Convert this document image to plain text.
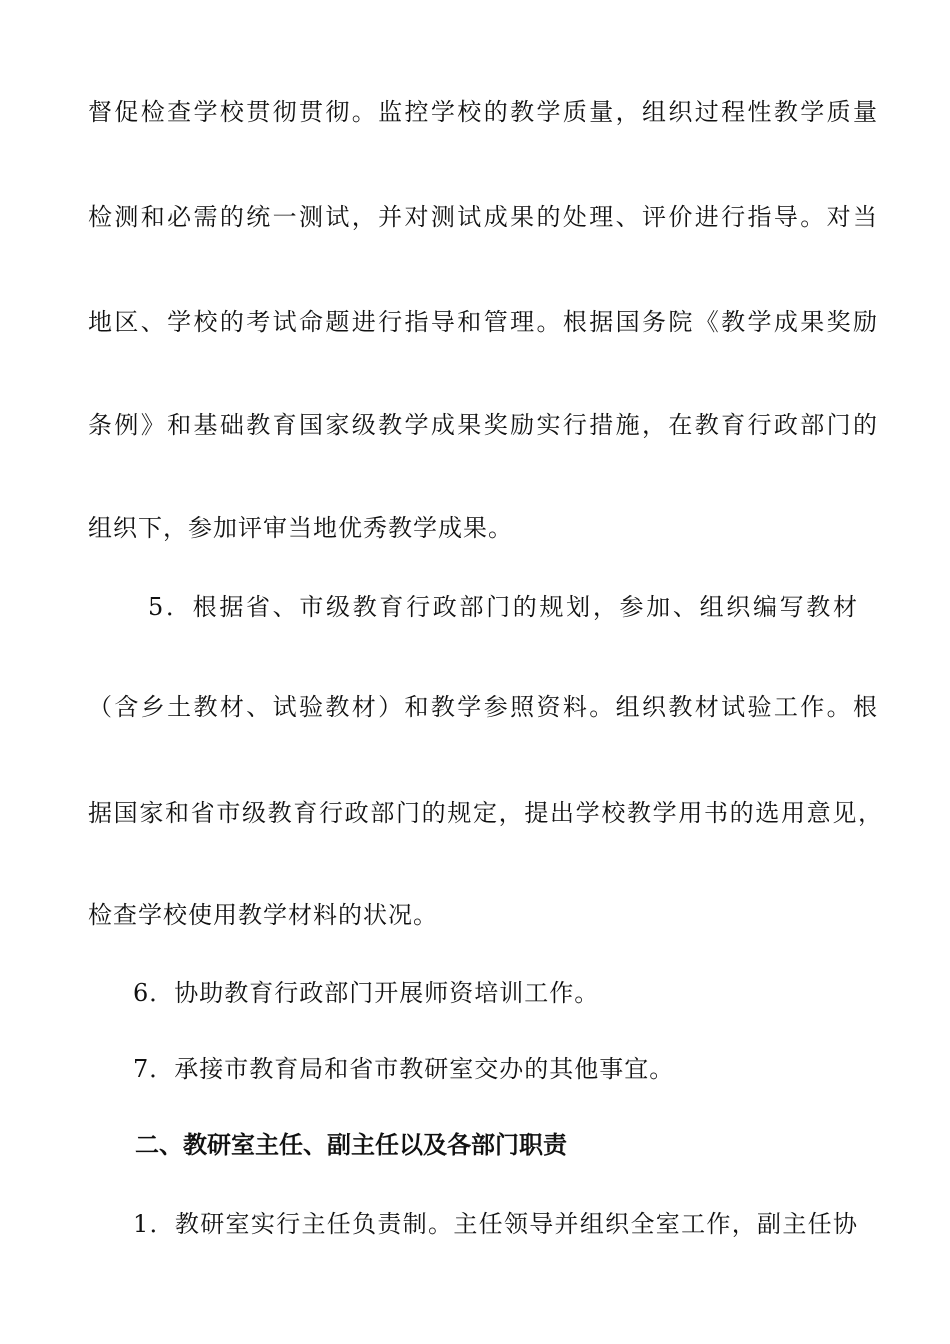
督促检查学校贯彻贯彻。监控学校的教学质量，组织过程性教学质量
检测和必需的统一测试，并对测试成果的处理、评价进行指导。对当
地区、学校的考试命题进行指导和管理。根据国务院《教学成果奖励
条例》和基础教育国家级教学成果奖励实行措施，在教育行政部门的
组织下，参加评审当地优秀教学成果。
5．根据省、市级教育行政部门的规划，参加、组织编写教材
（含乡土教材、试验教材）和教学参照资料。组织教材试验工作。根
据国家和省市级教育行政部门的规定，提出学校教学用书的选用意见，
检查学校使用教学材料的状况。
6．协助教育行政部门开展师资培训工作。
7．承接市教育局和省市教研室交办的其他事宜。
二、教研室主任、副主任以及各部门职责
1．教研室实行主任负责制。主任领导并组织全室工作，副主任协
